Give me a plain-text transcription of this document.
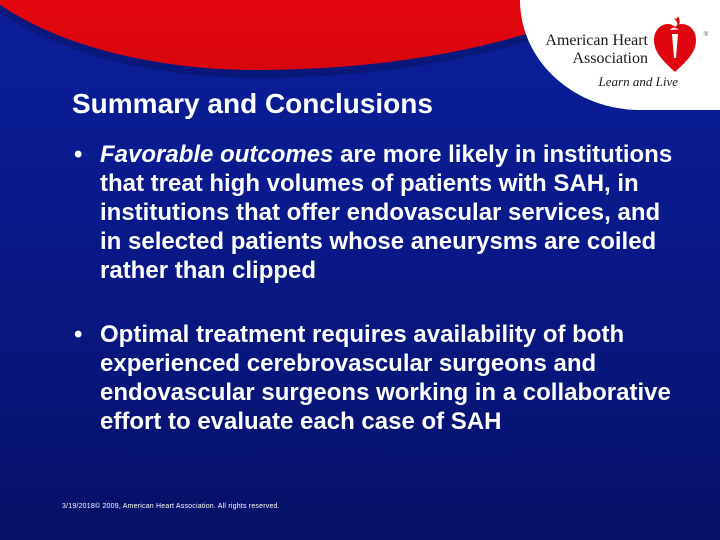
American Heart
Association
Learn and Live
®
Summary and Conclusions
• Favorable outcomes are more likely in institutions that treat high volumes of patients with SAH, in institutions that offer endovascular services, and in selected patients whose aneurysms are coiled rather than clipped
• Optimal treatment requires availability of both experienced cerebrovascular surgeons and endovascular surgeons working in a collaborative effort to evaluate each case of SAH
3/19/2018© 2009, American Heart Association. All rights reserved.
